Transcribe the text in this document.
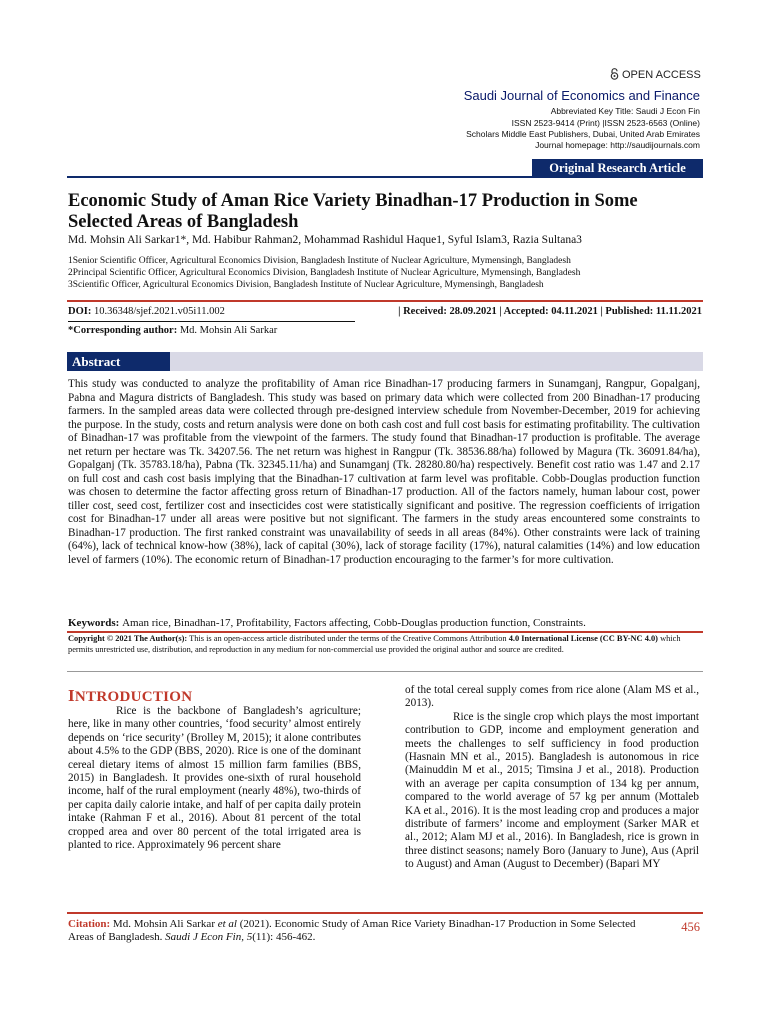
OPEN ACCESS
Saudi Journal of Economics and Finance
Abbreviated Key Title: Saudi J Econ Fin
ISSN 2523-9414 (Print) |ISSN 2523-6563 (Online)
Scholars Middle East Publishers, Dubai, United Arab Emirates
Journal homepage: http://saudijournals.com
Original Research Article
Economic Study of Aman Rice Variety Binadhan-17 Production in Some Selected Areas of Bangladesh
Md. Mohsin Ali Sarkar1*, Md. Habibur Rahman2, Mohammad Rashidul Haque1, Syful Islam3, Razia Sultana3
1Senior Scientific Officer, Agricultural Economics Division, Bangladesh Institute of Nuclear Agriculture, Mymensingh, Bangladesh
2Principal Scientific Officer, Agricultural Economics Division, Bangladesh Institute of Nuclear Agriculture, Mymensingh, Bangladesh
3Scientific Officer, Agricultural Economics Division, Bangladesh Institute of Nuclear Agriculture, Mymensingh, Bangladesh
DOI: 10.36348/sjef.2021.v05i11.002	| Received: 28.09.2021 | Accepted: 04.11.2021 | Published: 11.11.2021
*Corresponding author: Md. Mohsin Ali Sarkar
Abstract
This study was conducted to analyze the profitability of Aman rice Binadhan-17 producing farmers in Sunamganj, Rangpur, Gopalganj, Pabna and Magura districts of Bangladesh. This study was based on primary data which were collected from 200 Binadhan-17 producing farmers. In the sampled areas data were collected through pre-designed interview schedule from November-December, 2019 for achieving the purpose. In the study, costs and return analysis were done on both cash cost and full cost basis for estimating profitability. The cultivation of Binadhan-17 was profitable from the viewpoint of the farmers. The study found that Binadhan-17 production is profitable. The average net return per hectare was Tk. 34207.56. The net return was highest in Rangpur (Tk. 38536.88/ha) followed by Magura (Tk. 36091.84/ha), Gopalganj (Tk. 35783.18/ha), Pabna (Tk. 32345.11/ha) and Sunamganj (Tk. 28280.80/ha) respectively. Benefit cost ratio was 1.47 and 2.17 on full cost and cash cost basis implying that the Binadhan-17 cultivation at farm level was profitable. Cobb-Douglas production function was chosen to determine the factor affecting gross return of Binadhan-17 production. All of the factors namely, human labour cost, power tiller cost, seed cost, fertilizer cost and insecticides cost were statistically significant and positive. The regression coefficients of irrigation cost for Binadhan-17 under all areas were positive but not significant. The farmers in the study areas encountered some constraints to Binadhan-17 production. The first ranked constraint was unavailability of seeds in all areas (84%). Other constraints were lack of training (64%), lack of technical know-how (38%), lack of capital (30%), lack of storage facility (17%), natural calamities (14%) and low education level of farmers (10%). The economic return of Binadhan-17 production encouraging to the farmer’s for more cultivation.
Keywords: Aman rice, Binadhan-17, Profitability, Factors affecting, Cobb-Douglas production function, Constraints.
Copyright © 2021 The Author(s): This is an open-access article distributed under the terms of the Creative Commons Attribution 4.0 International License (CC BY-NC 4.0) which permits unrestricted use, distribution, and reproduction in any medium for non-commercial use provided the original author and source are credited.
INTRODUCTION
Rice is the backbone of Bangladesh’s agriculture; here, like in many other countries, ‘food security’ almost entirely depends on ‘rice security’ (Brolley M, 2015); it alone contributes about 4.5% to the GDP (BBS, 2020). Rice is one of the dominant cereal dietary items of almost 15 million farm families (BBS, 2015) in Bangladesh. It provides one-sixth of rural household income, half of the rural employment (nearly 48%), two-thirds of per capita daily calorie intake, and half of per capita daily protein intake (Rahman F et al., 2016). About 81 percent of the total cropped area and over 80 percent of the total irrigated area is planted to rice. Approximately 96 percent share
of the total cereal supply comes from rice alone (Alam MS et al., 2013).
Rice is the single crop which plays the most important contribution to GDP, income and employment generation and meets the challenges to self sufficiency in food production (Hasnain MN et al., 2015). Bangladesh is autonomous in rice (Mainuddin M et al., 2015; Timsina J et al., 2018). Production with an average per capita consumption of 134 kg per annum, compared to the world average of 57 kg per annum (Mottaleb KA et al., 2016). It is the most leading crop and produces a major distribute of farmers’ income and employment (Sarker MAR et al., 2012; Alam MJ et al., 2016). In Bangladesh, rice is grown in three distinct seasons; namely Boro (January to June), Aus (April to August) and Aman (August to December) (Bapari MY
Citation: Md. Mohsin Ali Sarkar et al (2021). Economic Study of Aman Rice Variety Binadhan-17 Production in Some Selected Areas of Bangladesh. Saudi J Econ Fin, 5(11): 456-462.
456
